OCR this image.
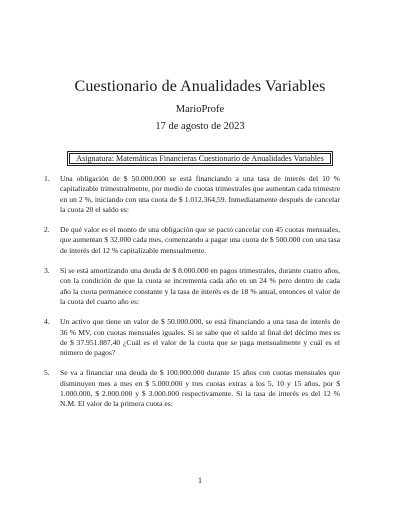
Cuestionario de Anualidades Variables
MarioProfe
17 de agosto de 2023
Asignatura: Matemáticas Financieras Cuestionario de Anualidades Variables
1. Una obligación de $ 50.000.000 se está financiando a una tasa de interés del 10 % capitalizable trimestralmente, por medio de cuotas trimestrales que aumentan cada trimestre en un 2 %, iniciando con una cuota de $ 1.012.364,59. Inmediatamente después de cancelar la cuota 20 el saldo es:
2. De qué valor es el monto de una obligación que se pactó cancelar con 45 cuotas mensuales, que aumentan $ 32.000 cada mes, comenzando a pagar una cuota de $ 500.000 con una tasa de interés del 12 % capitalizable mensualmente.
3. Si se está amortizando una deuda de $ 8.000.000 en pagos trimestrales, durante cuatro años, con la condición de que la cuota se incrementa cada año en un 24 % pero dentro de cada año la cuota permanece constante y la tasa de interés es de 18 % anual, entonces el valor de la cuota del cuarto año es:
4. Un activo que tiene un valor de $ 50.000.000, se está financiando a una tasa de interés de 36 % MV, con cuotas mensuales iguales. Si se sabe que el saldo al final del décimo mes es de $ 37.951.887,40 ¿Cuál es el valor de la cuota que se paga mensualmente y cuál es el número de pagos?
5. Se va a financiar una deuda de $ 100.000.000 durante 15 años con cuotas mensuales que disminuyen mes a mes en $ 5.000.000 y tres cuotas extras a los 5, 10 y 15 años, por $ 1.000.000, $ 2.000.000 y $ 3.000.000 respectivamente. Si la tasa de interés es del 12 % N.M. El valor de la primera cuota es:
1
